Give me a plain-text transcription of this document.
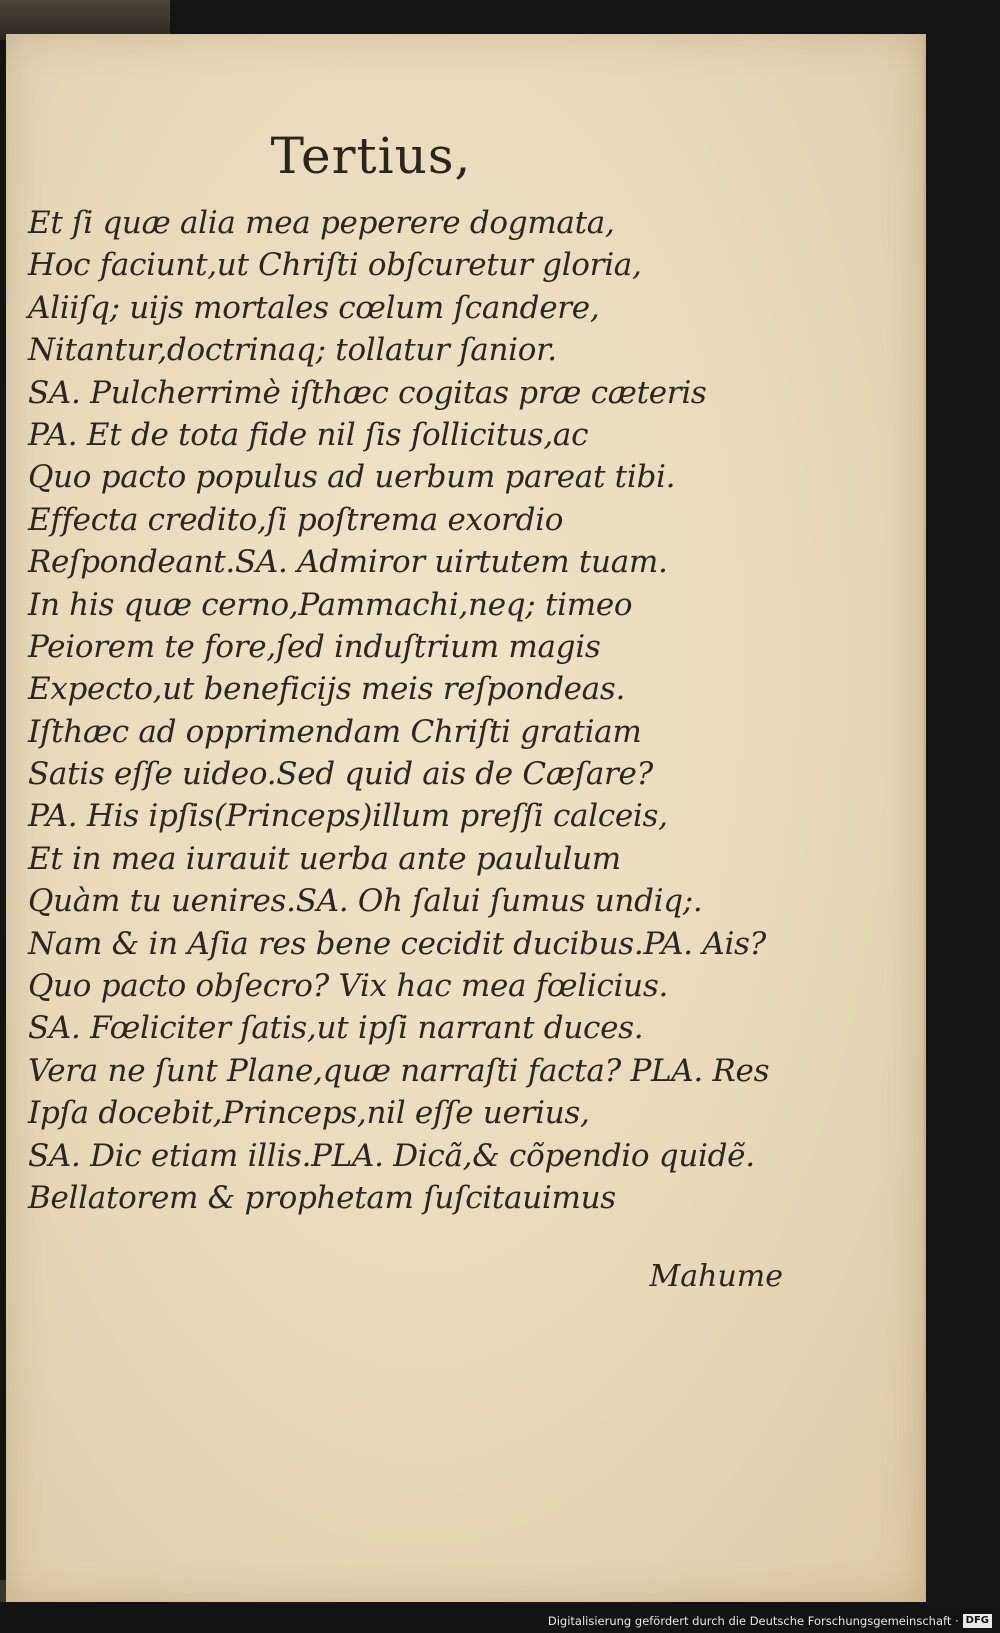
Tertius,
Et ſi quæ alia mea peperere dogmata,
Hoc faciunt,ut Chriſti obſcuretur gloria,
Aliiſq; uijs mortales cœlum ſcandere,
Nitantur,doctrinaq; tollatur ſanior.
SA. Pulcherrimè iſthæc cogitas præ cæteris
PA. Et de tota fide nil ſis ſollicitus,ac
Quo pacto populus ad uerbum pareat tibi.
Effecta credito,ſi poſtrema exordio
Reſpondeant.SA. Admiror uirtutem tuam.
In his quæ cerno,Pammachi,neq; timeo
Peiorem te fore,ſed induſtrium magis
Expecto,ut beneficijs meis reſpondeas.
Iſthæc ad opprimendam Chriſti gratiam
Satis eſſe uideo.Sed quid ais de Cæſare?
PA. His ipſis(Princeps)illum preſſi calceis,
Et in mea iurauit uerba ante paululum
Quàm tu uenires.SA. Oh ſalui ſumus undiq;.
Nam & in Aſia res bene cecidit ducibus.PA. Ais?
Quo pacto obſecro? Vix hac mea fœlicius.
SA. Fœliciter ſatis,ut ipſi narrant duces.
Vera ne ſunt Plane,quæ narraſti facta? PLA. Res
Ipſa docebit,Princeps,nil eſſe uerius,
SA. Dic etiam illis.PLA. Dicã,& cõpendio quidẽ.
Bellatorem & prophetam ſuſcitauimus
Mahume
Digitalisierung gefördert durch die Deutsche Forschungsgemeinschaft · DFG
